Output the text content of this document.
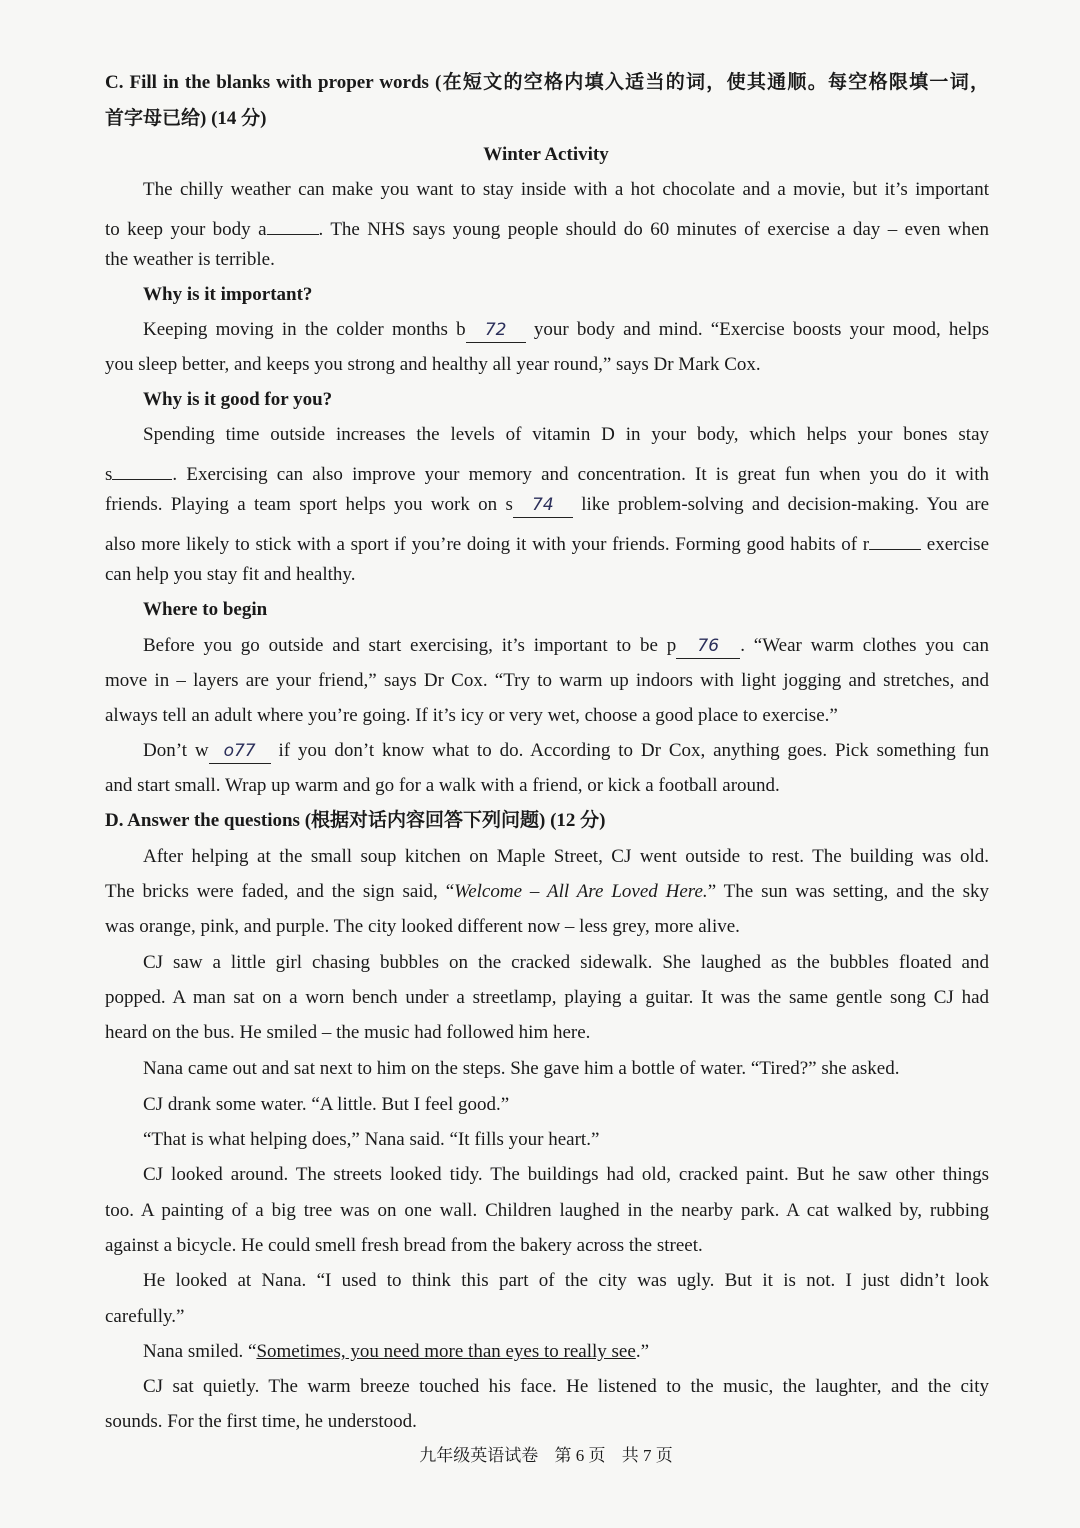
C. Fill in the blanks with proper words (在短文的空格内填入适当的词，使其通顺。每空格限填一词，
首字母已给) (14 分)
Winter Activity
The chilly weather can make you want to stay inside with a hot chocolate and a movie, but it’s important
to keep your body a	. The NHS says young people should do 60 minutes of exercise a day – even when
the weather is terrible.
Why is it important?
Keeping moving in the colder months b 72 your body and mind. “Exercise boosts your mood, helps
you sleep better, and keeps you strong and healthy all year round,” says Dr Mark Cox.
Why is it good for you?
Spending time outside increases the levels of vitamin D in your body, which helps your bones stay
s	. Exercising can also improve your memory and concentration. It is great fun when you do it with
friends. Playing a team sport helps you work on s 74 like problem-solving and decision-making. You are
also more likely to stick with a sport if you’re doing it with your friends. Forming good habits of r	exercise
can help you stay fit and healthy.
Where to begin
Before you go outside and start exercising, it’s important to be p 76 . “Wear warm clothes you can
move in – layers are your friend,” says Dr Cox. “Try to warm up indoors with light jogging and stretches, and
always tell an adult where you’re going. If it’s icy or very wet, choose a good place to exercise.”
Don’t w o77 if you don’t know what to do. According to Dr Cox, anything goes. Pick something fun
and start small. Wrap up warm and go for a walk with a friend, or kick a football around.
D. Answer the questions (根据对话内容回答下列问题) (12 分)
After helping at the small soup kitchen on Maple Street, CJ went outside to rest. The building was old.
The bricks were faded, and the sign said, “Welcome – All Are Loved Here.” The sun was setting, and the sky
was orange, pink, and purple. The city looked different now – less grey, more alive.
CJ saw a little girl chasing bubbles on the cracked sidewalk. She laughed as the bubbles floated and
popped. A man sat on a worn bench under a streetlamp, playing a guitar. It was the same gentle song CJ had
heard on the bus. He smiled – the music had followed him here.
Nana came out and sat next to him on the steps. She gave him a bottle of water. “Tired?” she asked.
CJ drank some water. “A little. But I feel good.”
“That is what helping does,” Nana said. “It fills your heart.”
CJ looked around. The streets looked tidy. The buildings had old, cracked paint. But he saw other things
too. A painting of a big tree was on one wall. Children laughed in the nearby park. A cat walked by, rubbing
against a bicycle. He could smell fresh bread from the bakery across the street.
He looked at Nana. “I used to think this part of the city was ugly. But it is not. I just didn’t look
carefully.”
Nana smiled. “Sometimes, you need more than eyes to really see.”
CJ sat quietly. The warm breeze touched his face. He listened to the music, the laughter, and the city
sounds. For the first time, he understood.
九年级英语试卷 第 6 页 共 7 页
